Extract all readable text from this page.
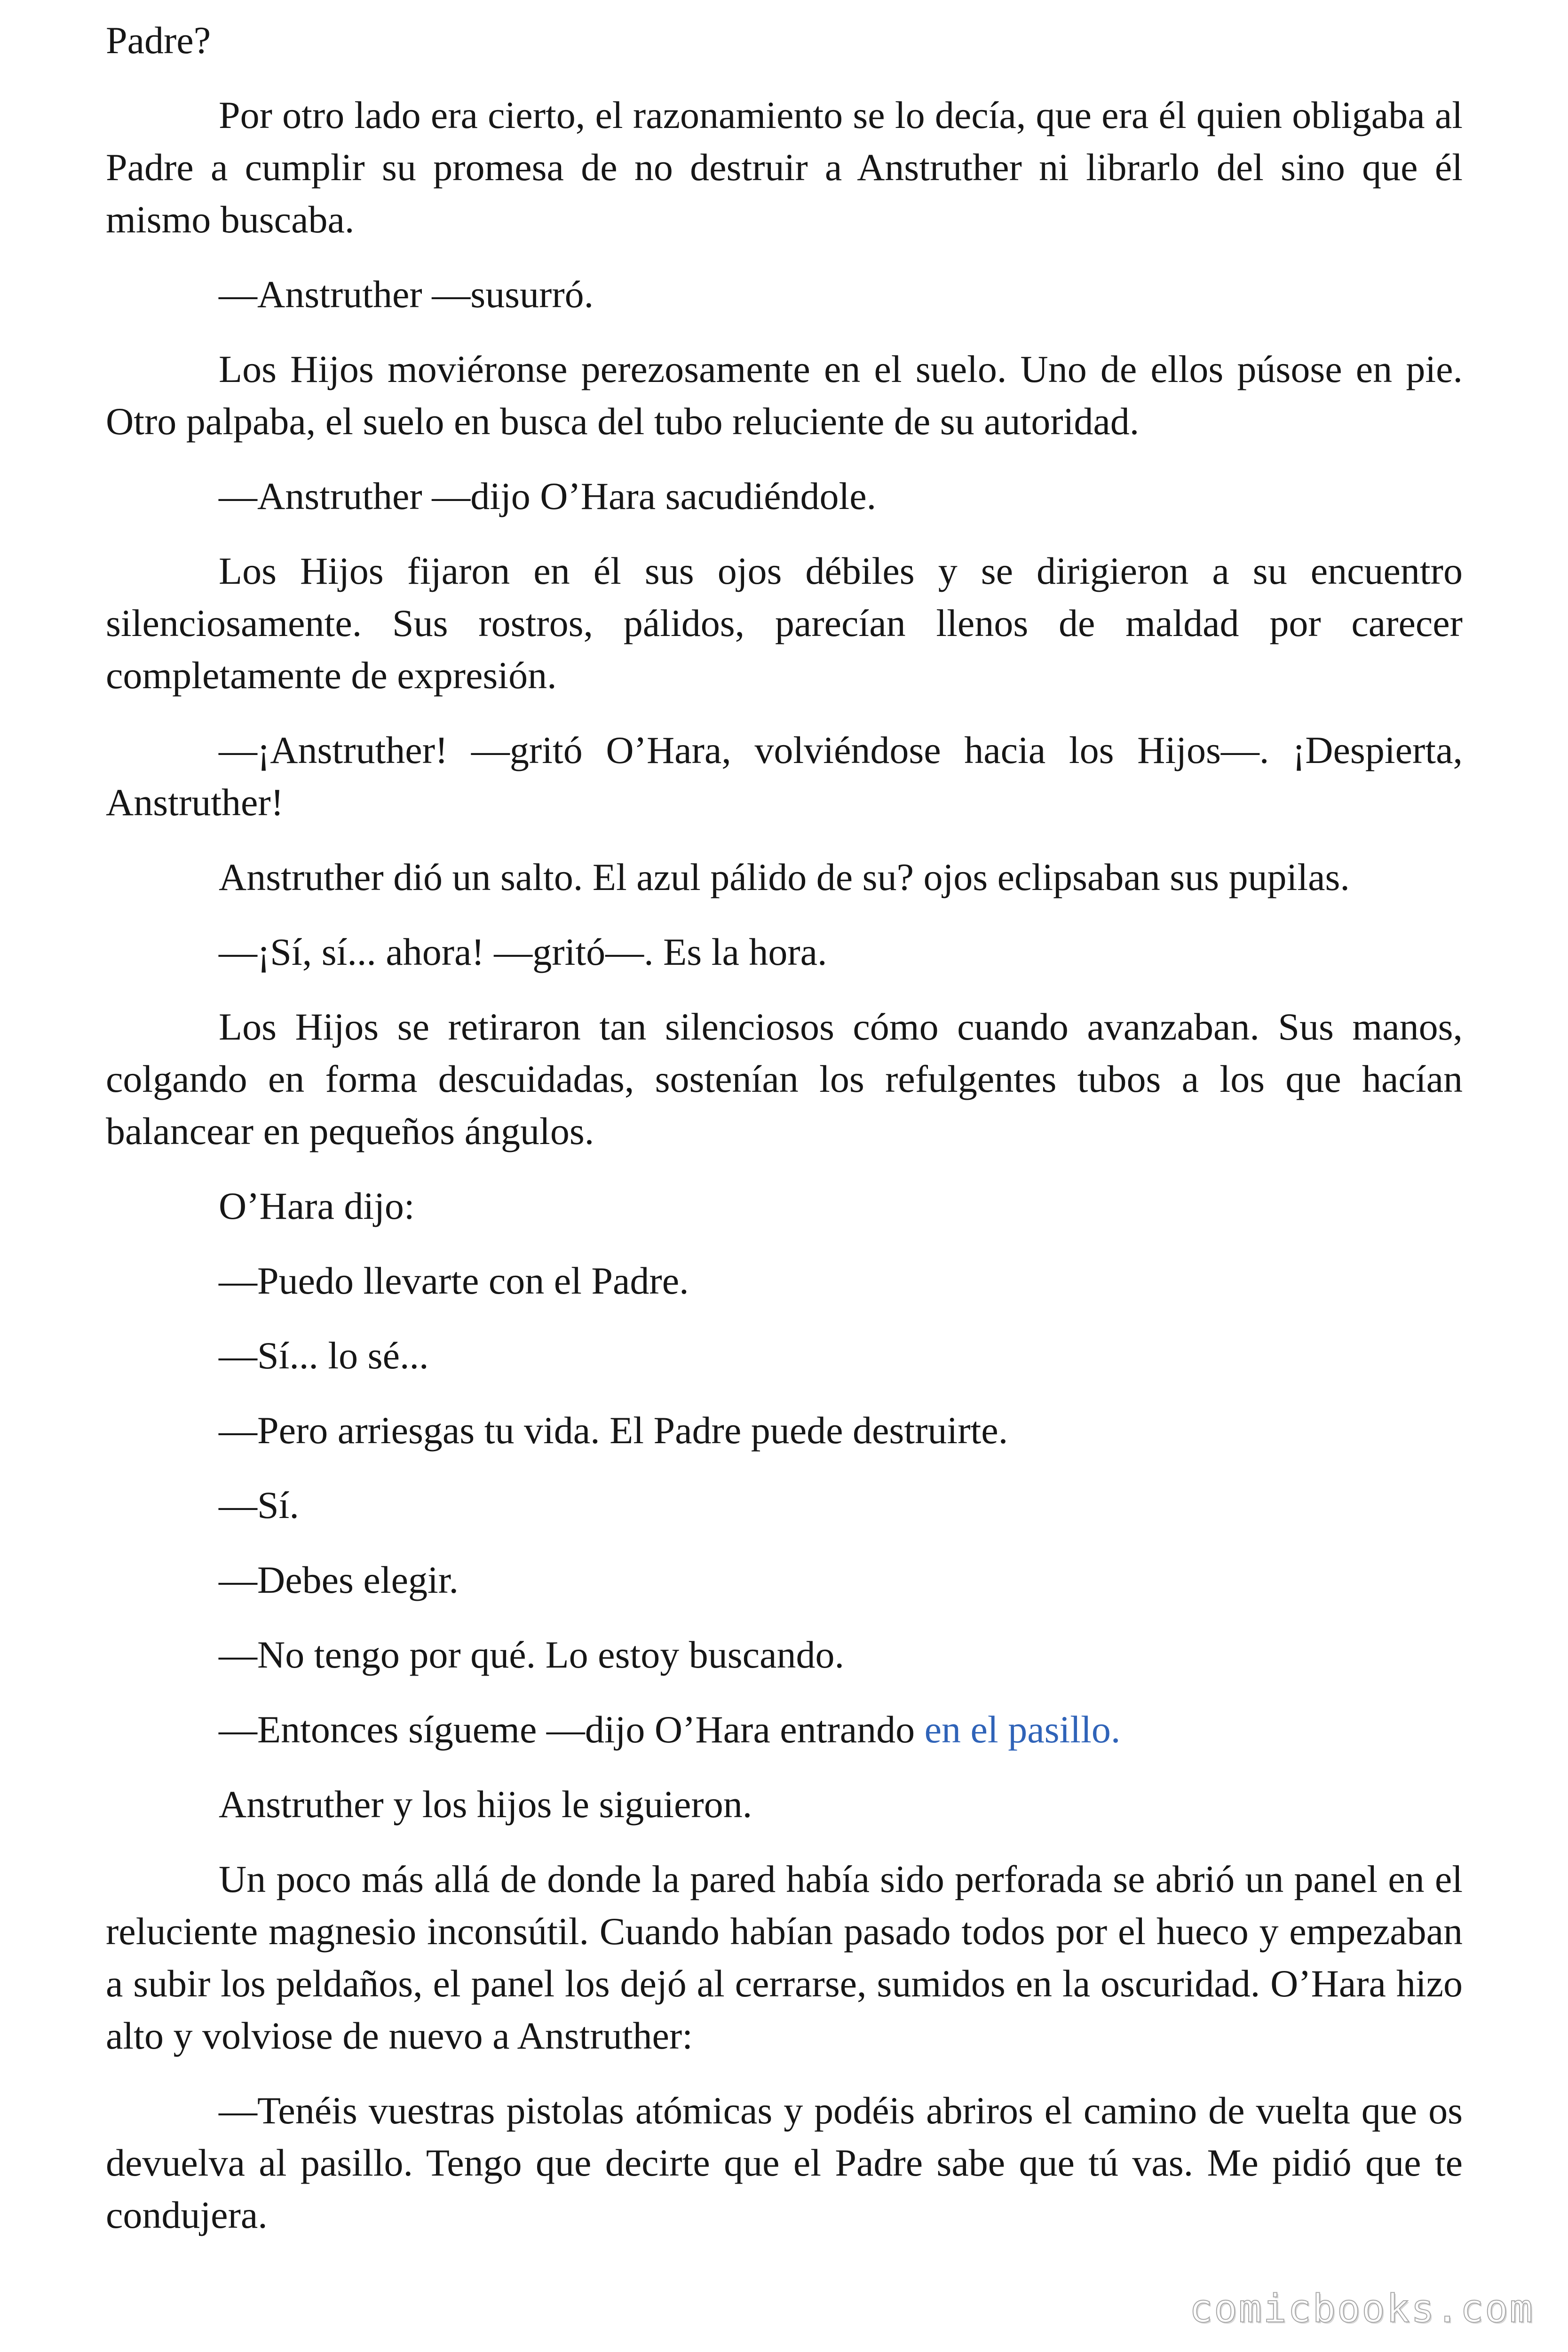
Padre?

Por otro lado era cierto, el razonamiento se lo decía, que era él quien obligaba al Padre a cumplir su promesa de no destruir a Anstruther ni librarlo del sino que él mismo buscaba.

—Anstruther —susurró.

Los Hijos moviéronse perezosamente en el suelo. Uno de ellos púsose en pie. Otro palpaba, el suelo en busca del tubo reluciente de su autoridad.

—Anstruther —dijo O’Hara sacudiéndole.

Los Hijos fijaron en él sus ojos débiles y se dirigieron a su encuentro silenciosamente. Sus rostros, pálidos, parecían llenos de maldad por carecer completamente de expresión.

—¡Anstruther! —gritó O’Hara, volviéndose hacia los Hijos—. ¡Despierta, Anstruther!

Anstruther dió un salto. El azul pálido de su? ojos eclipsaban sus pupilas.

—¡Sí, sí... ahora! —gritó—. Es la hora.

Los Hijos se retiraron tan silenciosos cómo cuando avanzaban. Sus manos, colgando en forma descuidadas, sostenían los refulgentes tubos a los que hacían balancear en pequeños ángulos.

O’Hara dijo:

—Puedo llevarte con el Padre.

—Sí... lo sé...

—Pero arriesgas tu vida. El Padre puede destruirte.

—Sí.

—Debes elegir.

—No tengo por qué. Lo estoy buscando.

—Entonces sígueme —dijo O’Hara entrando en el pasillo.

Anstruther y los hijos le siguieron.

Un poco más allá de donde la pared había sido perforada se abrió un panel en el reluciente magnesio inconsútil. Cuando habían pasado todos por el hueco y empezaban a subir los peldaños, el panel los dejó al cerrarse, sumidos en la oscuridad. O’Hara hizo alto y volviose de nuevo a Anstruther:

—Tenéis vuestras pistolas atómicas y podéis abriros el camino de vuelta que os devuelva al pasillo. Tengo que decirte que el Padre sabe que tú vas. Me pidió que te condujera.

comicbooks.com
